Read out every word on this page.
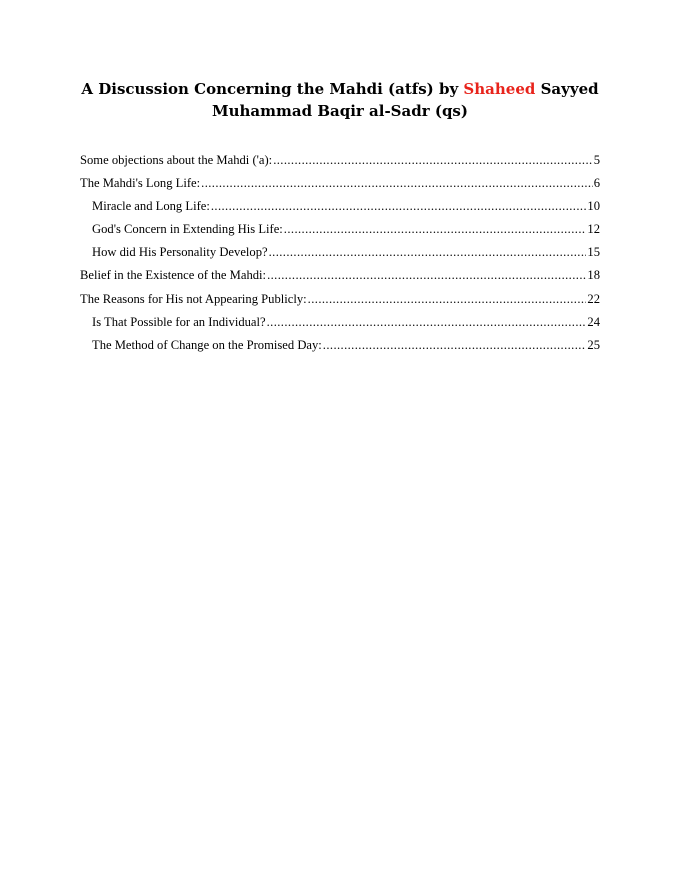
A Discussion Concerning the Mahdi (atfs) by Shaheed Sayyed
Muhammad Baqir al-Sadr (qs)
Some objections about the Mahdi ('a): .....	5
The Mahdi's Long Life: .....	6
Miracle and Long Life: .....	10
God's Concern in Extending His Life: .....	12
How did His Personality Develop? .....	15
Belief in the Existence of the Mahdi: .....	18
The Reasons for His not Appearing Publicly: .....	22
Is That Possible for an Individual? .....	24
The Method of Change on the Promised Day: .....	25
